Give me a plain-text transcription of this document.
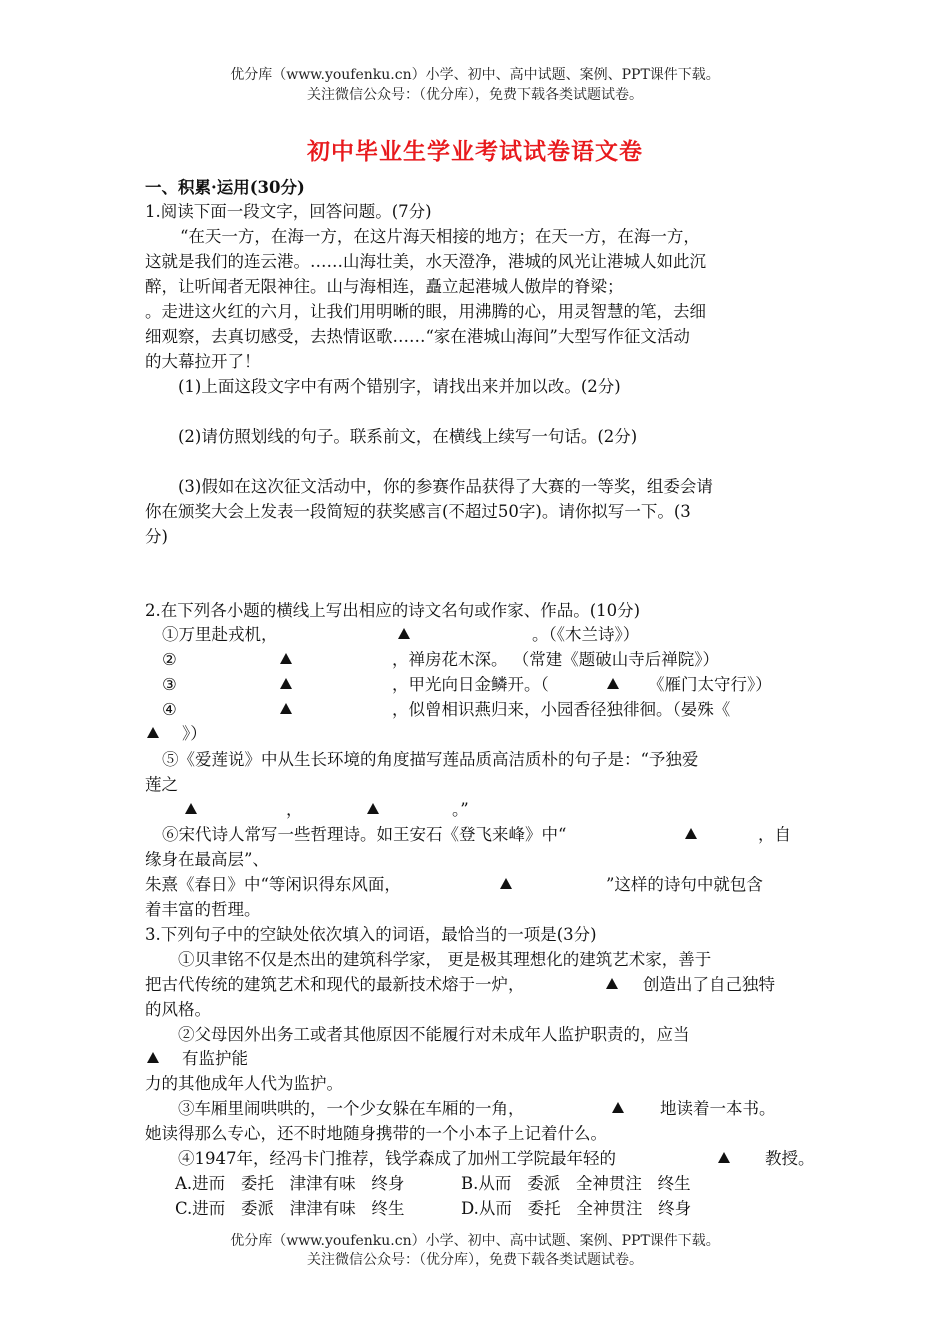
优分库（www.youfenku.cn）小学、初中、高中试题、案例、PPT课件下载。
关注微信公众号：（优分库），免费下载各类试题试卷。
初中毕业生学业考试试卷语文卷
一、积累·运用(30分)
1.阅读下面一段文字，回答问题。(7分)
“在天一方，在海一方，在这片海天相接的地方；在天一方，在海一方，
这就是我们的连云港。……山海壮美，水天澄净，港城的风光让港城人如此沉
醉，让听闻者无限神往。山与海相连，矗立起港城人傲岸的脊梁；
。走进这火红的六月，让我们用明晰的眼，用沸腾的心，用灵智慧的笔，去细
细观察，去真切感受，去热情讴歌……“家在港城山海间”大型写作征文活动
的大幕拉开了！
(1)上面这段文字中有两个错别字，请找出来并加以改。(2分)
(2)请仿照划线的句子。联系前文，在横线上续写一句话。(2分)
(3)假如在这次征文活动中，你的参赛作品获得了大赛的一等奖，组委会请
你在颁奖大会上发表一段简短的获奖感言(不超过50字)。请你拟写一下。(3
分)
2.在下列各小题的横线上写出相应的诗文名句或作家、作品。(10分)
①万里赴戎机，	。（《木兰诗》）
②	，禅房花木深。 （常建《题破山寺后禅院》）
③	，甲光向日金鳞开。（	《雁门太守行》）
④	，似曾相识燕归来，小园香径独徘徊。（晏殊《
》）
⑤《爱莲说》中从生长环境的角度描写莲品质高洁质朴的句子是：“予独爱
莲之
，	。”
⑥宋代诗人常写一些哲理诗。如王安石《登飞来峰》中“	，自
缘身在最高层”、
朱熹《春日》中“等闲识得东风面，	”这样的诗句中就包含
着丰富的哲理。
3.下列句子中的空缺处依次填入的词语，最恰当的一项是(3分)
①贝聿铭不仅是杰出的建筑科学家， 更是极其理想化的建筑艺术家，善于
把古代传统的建筑艺术和现代的最新技术熔于一炉，	创造出了自己独特
的风格。
②父母因外出务工或者其他原因不能履行对未成年人监护职责的，应当
有监护能
力的其他成年人代为监护。
③车厢里闹哄哄的，一个少女躲在车厢的一角，	地读着一本书。
她读得那么专心，还不时地随身携带的一个小本子上记着什么。
④1947年，经冯卡门推荐，钱学森成了加州工学院最年轻的	教授。
A.进而   委托   津津有味   终身	B.从而   委派   全神贯注   终生
C.进而   委派   津津有味   终生	D.从而   委托   全神贯注   终身
优分库（www.youfenku.cn）小学、初中、高中试题、案例、PPT课件下载。
关注微信公众号：（优分库），免费下载各类试题试卷。
